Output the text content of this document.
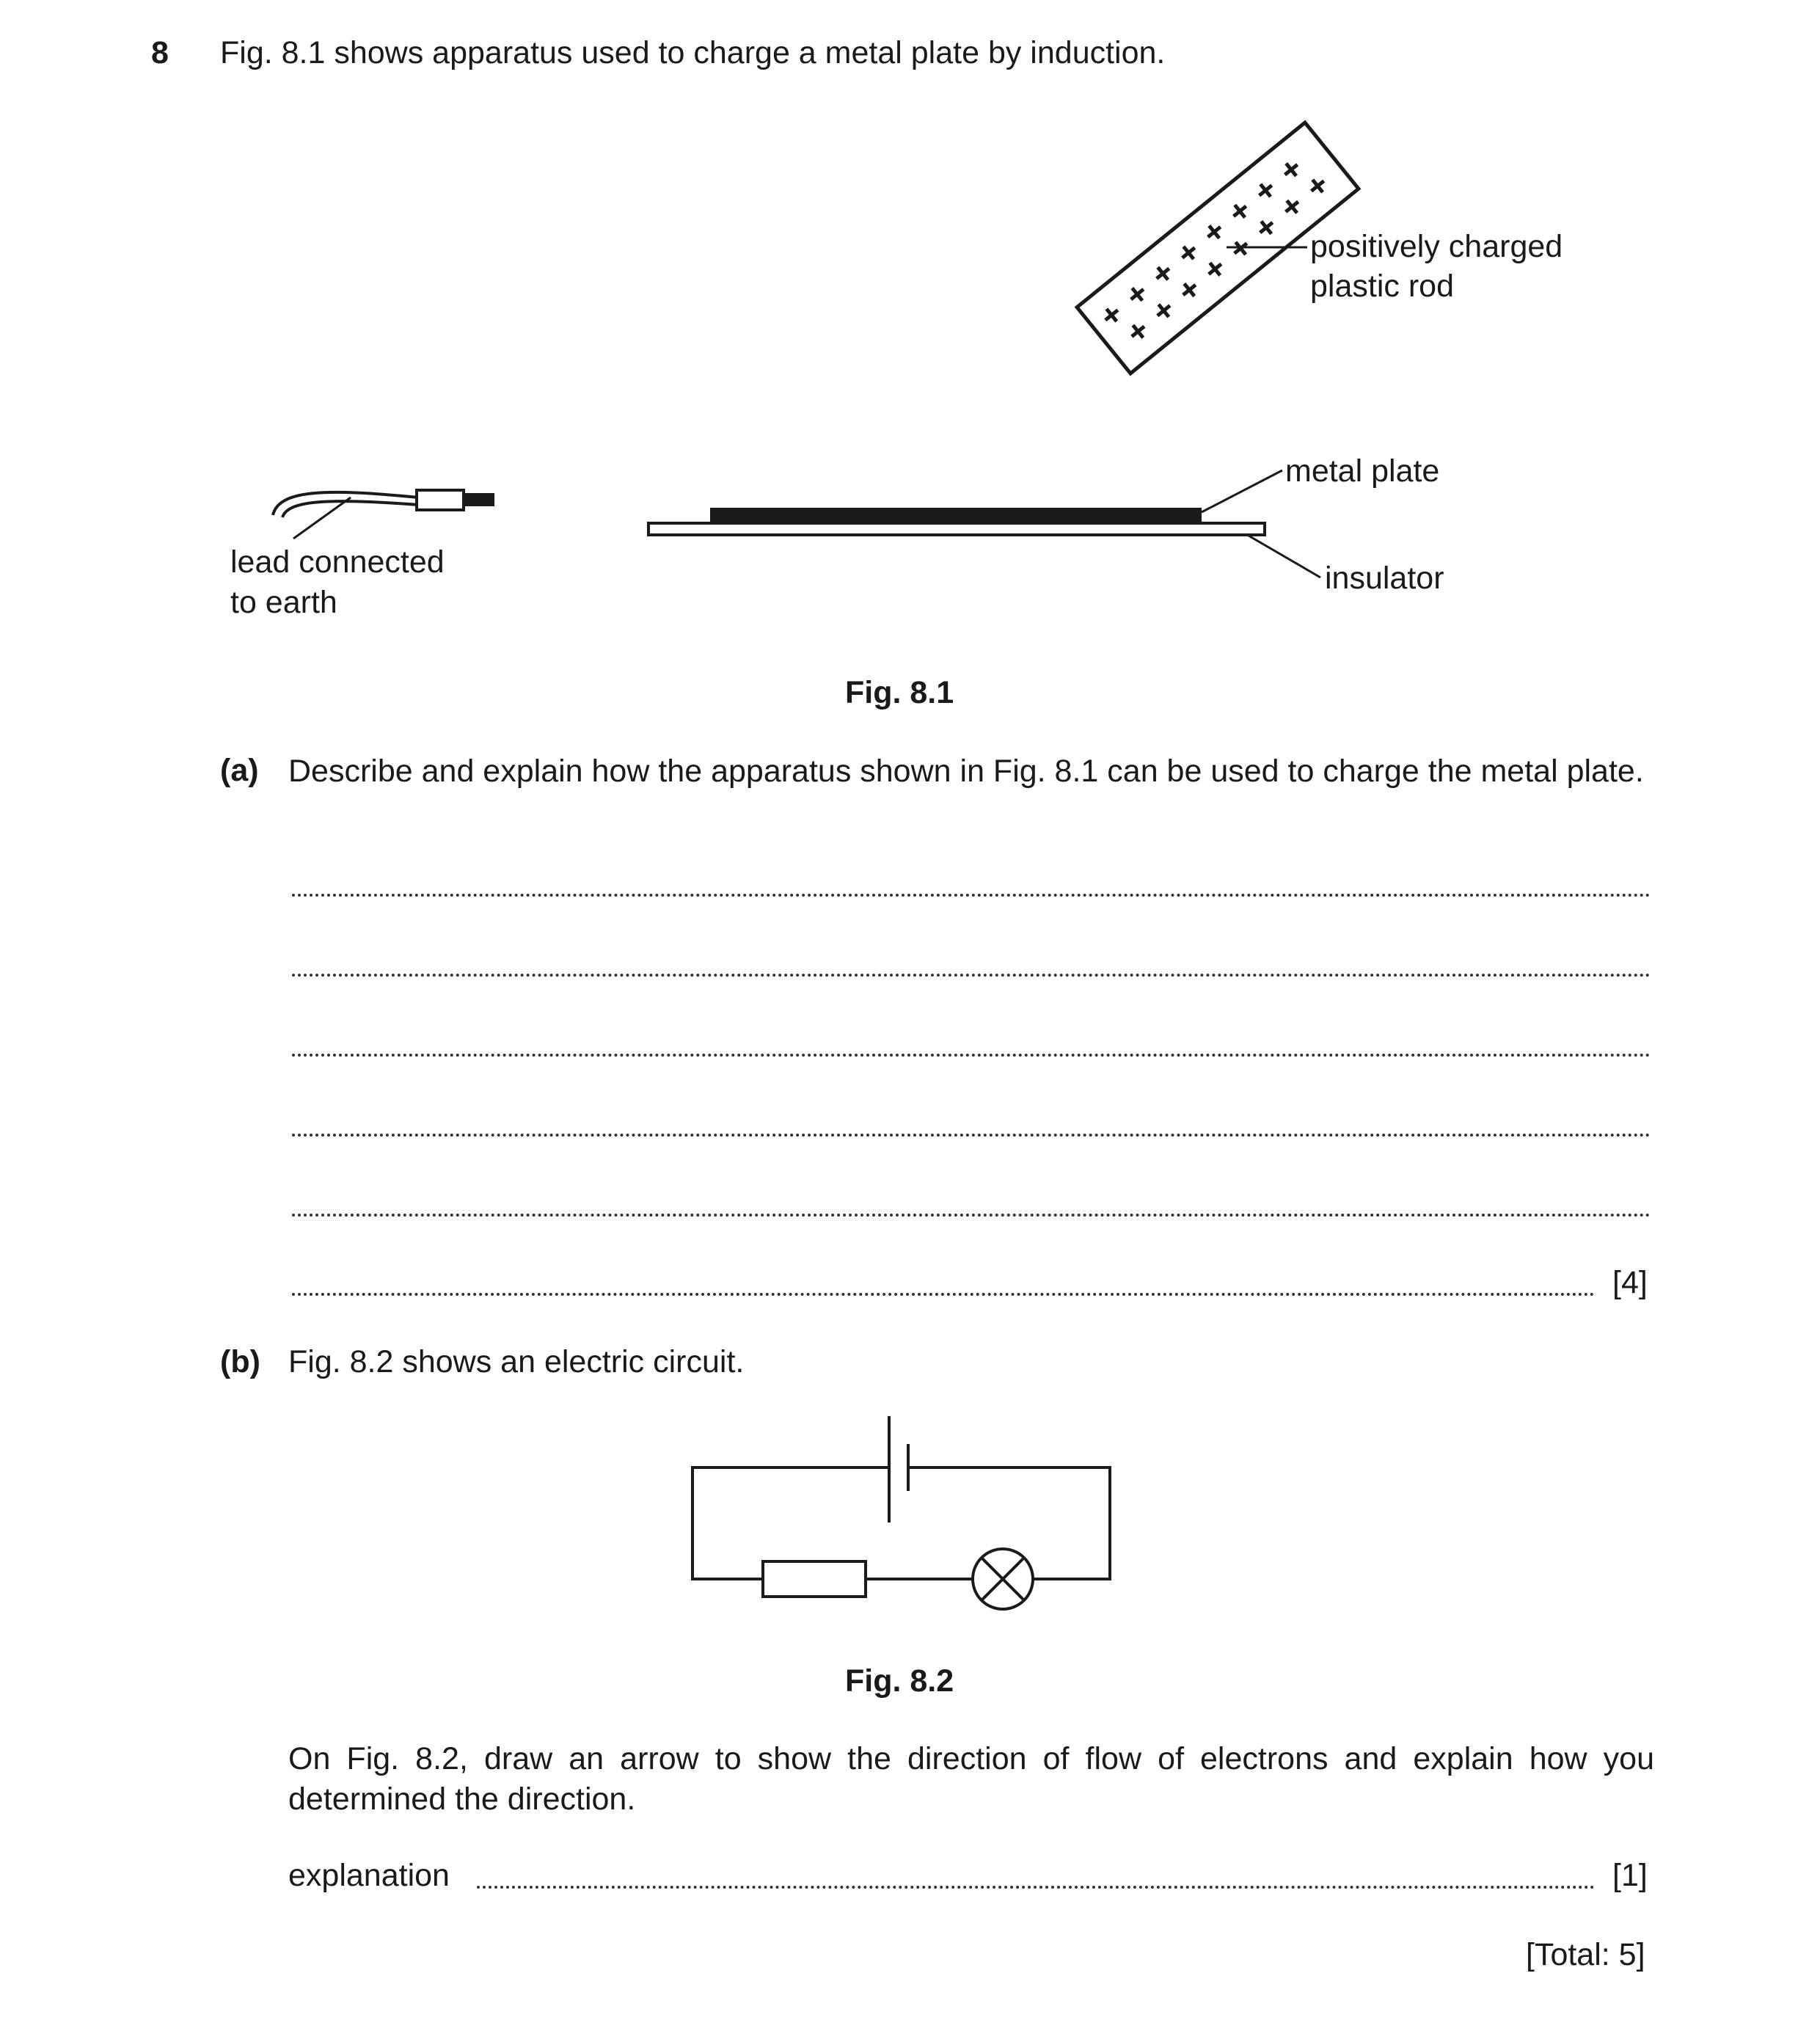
8 Fig. 8.1 shows apparatus used to charge a metal plate by induction.
positively charged
plastic rod
metal plate
insulator
lead connected
to earth
Fig. 8.1
(a) Describe and explain how the apparatus shown in Fig. 8.1 can be used to charge the metal plate.
[4]
(b) Fig. 8.2 shows an electric circuit.
Fig. 8.2
On Fig. 8.2, draw an arrow to show the direction of flow of electrons and explain how you determined the direction.
explanation	[1]
[Total: 5]
